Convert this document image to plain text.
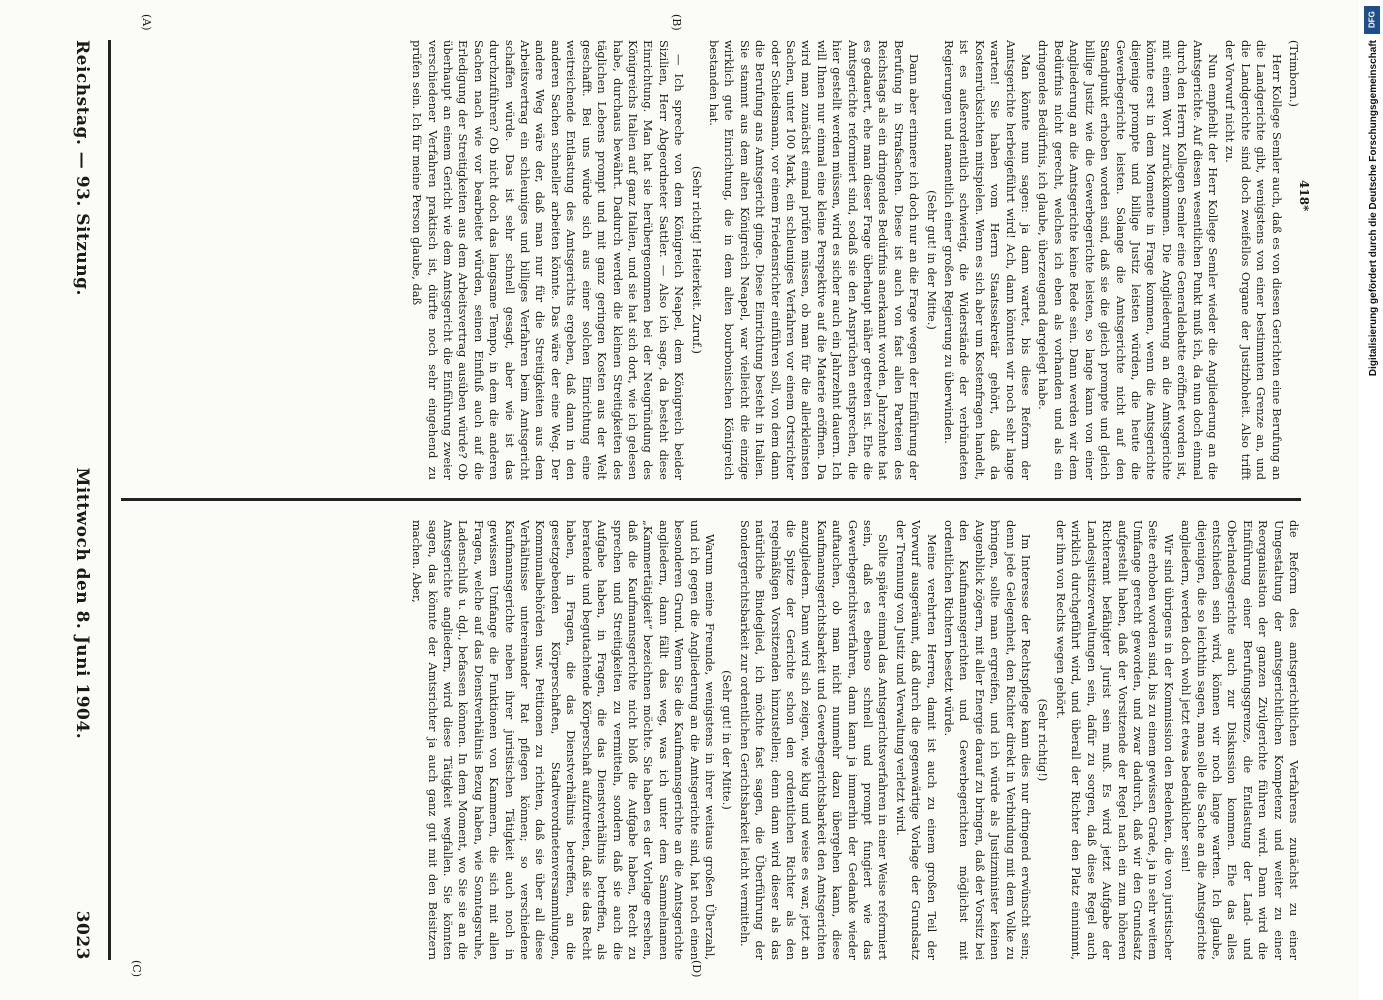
Reichstag. — 93. Sitzung.
Mittwoch den 8. Juni 1904.
3023
418*
(A)	(B)
(C)	(D)

(Trimborn.)

Herr Kollege Semler auch, daß es von diesen Gerichten eine Berufung an die Landgerichte gibt, wenigstens von einer bestimmten Grenze an, und die Landgerichte sind doch zweifellos Organe der Justizhoheit. Also trifft der Vorwurf nicht zu.

Nun empfiehlt der Herr Kollege Semler wieder die Angliederung an die Amtsgerichte. Auf diesen wesentlichen Punkt muß ich, da nun doch einmal durch den Herrn Kollegen Semler eine Generaldebatte eröffnet worden ist, mit einem Wort zurückkommen. Die Angliederung an die Amtsgerichte könnte erst in dem Momente in Frage kommen, wenn die Amtsgerichte diejenige prompte und billige Justiz leisten würden, die heute die Gewerbegerichte leisten. Solange die Amtsgerichte nicht auf den Standpunkt erhoben worden sind, daß sie die gleich prompte und gleich billige Justiz wie die Gewerbegerichte leisten, so lange kann von einer Angliederung an die Amtsgerichte keine Rede sein. Dann werden wir dem Bedürfnis nicht gerecht, welches ich eben als vorhanden und als ein dringendes Bedürfnis, ich glaube, überzeugend dargelegt habe.

Man könnte nun sagen: ja dann wartet, bis diese Reform der Amtsgerichte herbeigeführt wird! Ach, dann könnten wir noch sehr lange warten! Sie haben vom Herrn Staatssekretär gehört, daß da Kostenrücksichten mitspielen. Wenn es sich aber um Kostenfragen handelt, ist es außerordentlich schwierig, die Widerstände der verbündeten Regierungen und namentlich einer großen Regierung zu überwinden.

(Sehr gut! in der Mitte.)

Dann aber erinnere ich doch nur an die Frage wegen der Einführung der Berufung in Strafsachen. Diese ist auch von fast allen Parteien des Reichstags als ein dringendes Bedürfnis anerkannt worden. Jahrzehnte hat es gedauert, ehe man dieser Frage überhaupt näher getreten ist. Ehe die Amtsgerichte reformiert sind, sodaß sie den Ansprüchen entsprechen, die hier gestellt werden müssen, wird es sicher auch ein Jahrzehnt dauern. Ich will Ihnen nur einmal eine kleine Perspektive auf die Materie eröffnen. Da wird man zunächst einmal prüfen müssen, ob man für die allerkleinsten Sachen, unter 100 Mark, ein schleuniges Verfahren vor einem Ortsrichter oder Schiedsmann, vor einem Friedensrichter einführen soll, von dem dann die Berufung ans Amtsgericht ginge. Diese Einrichtung besteht in Italien. Sie stammt aus dem alten Königreich Neapel, war vielleicht die einzige wirklich gute Einrichtung, die in dem alten bourbonischen Königreich bestanden hat.

(Sehr richtig! Heiterkeit. Zuruf.)

— Ich spreche von dem Königreich Neapel, dem Königreich beider Sizilien, Herr Abgeordneter Sattler. — Also ich sage, da besteht diese Einrichtung. Man hat sie herübergenommen bei der Neugründung des Königreichs Italien auf ganz Italien, und sie hat sich dort, wie ich gelesen habe, durchaus bewährt. Dadurch werden die kleinen Streitigkeiten des täglichen Lebens prompt und mit ganz geringen Kosten aus der Welt geschafft. Bei uns würde sich aus einer solchen Einrichtung eine weitreichende Entlastung des Amtsgerichts ergeben, daß dann in den anderen Sachen schneller arbeiten könnte. Das wäre der eine Weg. Der andere Weg wäre der, daß man nur für die Streitigkeiten aus dem Arbeitsvertrag ein schleuniges und billiges Verfahren beim Amtsgericht schaffen würde. Das ist sehr schnell gesagt, aber wie ist das durchzuführen? Ob nicht doch das langsame Tempo, in dem die anderen Sachen nach wie vor bearbeitet würden, seinen Einfluß auch auf die Erledigung der Streitigkeiten aus dem Arbeitsvertrag ausüben würde? Ob überhaupt an einem Gericht wie dem Amtsgericht die Einführung zweier verschiedener Verfahren praktisch ist, dürfte noch sehr eingehend zu prüfen sein. Ich für meine Person glaube, daß

die Reform des amtsgerichtlichen Verfahrens zunächst zu einer Umgestaltung der amtsgerichtlichen Kompetenz und weiter zu einer Reorganisation der ganzen Zivilgerichte führen wird. Dann wird die Einführung einer Berufungsgrenze, die Entlastung der Land- und Oberlandesgerichte auch zur Diskussion kommen. Ehe das alles entschieden sein wird, können wir noch lange warten. Ich glaube, diejenigen, die so leichthin sagen, man solle die Sache an die Amtsgerichte angliedern, werden doch wohl jetzt etwas bedenklicher sein!

Wir sind übrigens in der Kommission den Bedenken, die von juristischer Seite erhoben worden sind, bis zu einem gewissen Grade, ja in sehr weitem Umfange gerecht geworden, und zwar dadurch, daß wir den Grundsatz aufgestellt haben, daß der Vorsitzende der Regel nach ein zum höheren Richteramt befähigter Jurist sein muß. Es wird jetzt Aufgabe der Landesjustizverwaltungen sein, dafür zu sorgen, daß diese Regel auch wirklich durchgeführt wird, und überall der Richter den Platz einnimmt, der ihm von Rechts wegen gehört.

(Sehr richtig!)

Im Interesse der Rechtspflege kann dies nur dringend erwünscht sein; denn jede Gelegenheit, den Richter direkt in Verbindung mit dem Volke zu bringen, sollte man ergreifen, und ich würde als Justizminister keinen Augenblick zögern, mit aller Energie darauf zu bringen, daß der Vorsitz bei den Kaufmannsgerichten und Gewerbegerichten möglichst mit ordentlichen Richtern besetzt würde.

Meine verehrten Herren, damit ist auch zu einem großen Teil der Vorwurf ausgeräumt, daß durch die gegenwärtige Vorlage der Grundsatz der Trennung von Justiz und Verwaltung verletzt wird.

Sollte später einmal das Amtsgerichtsverfahren in einer Weise reformiert sein, daß es ebenso schnell und prompt fungiert wie das Gewerbegerichtsverfahren, dann kann ja immerhin der Gedanke wieder auftauchen, ob man nicht nunmehr dazu übergehen kann, diese Kaufmannsgerichtsbarkeit und Gewerbegerichtsbarkeit den Amtsgerichten anzugliedern. Dann wird sich zeigen, wie klug und weise es war, jetzt an die Spitze der Gerichte schon den ordentlichen Richter als den regelmäßigen Vorsitzenden hinzustellen; denn dann wird dieser als das natürliche Bindeglied, ich möchte fast sagen, die Überführung der Sondergerichtsbarkeit zur ordentlichen Gerichtsbarkeit leicht vermitteln.

(Sehr gut! in der Mitte.)

Warum meine Freunde, wenigstens in ihrer weitaus großen Überzahl, und ich gegen die Angliederung an die Amtsgerichte sind, hat noch einen besonderen Grund. Wenn Sie die Kaufmannsgerichte an die Amtsgerichte angliedern, dann fällt das weg, was ich unter dem Sammelnamen „Kammertätigkeit“ bezeichnen möchte. Sie haben es der Vorlage ersehen, daß die Kaufmannsgerichte nicht bloß die Aufgabe haben, Recht zu sprechen und Streitigkeiten zu vermitteln, sondern daß sie auch die Aufgabe haben, in Fragen, die das Dienstverhältnis betreffen, als beratende und begutachtende Körperschaft aufzutreten, daß sie das Recht haben, in Fragen, die das Dienstverhältnis betreffen, an die gesetzgebenden Körperschaften, Stadtverordnetenversammlungen, Kommunalbehörden usw. Petitionen zu richten, daß sie über all diese Verhältnisse untereinander Rat pflegen können; so verschiedene Kaufmannsgerichte neben ihrer juristischen Tätigkeit auch noch in gewissem Umfange die Funktionen von Kammern, die sich mit allen Fragen, welche auf das Dienstverhältnis Bezug haben, wie Sonntagsruhe, Ladenschluß u. dgl., befassen können. In dem Moment, wo Sie sie an die Amtsgerichte angliedern, wird diese Tätigkeit wegfallen. Sie könnten sagen, das könnte der Amtsrichter ja auch ganz gut mit den Beisitzern machen. Aber,

DFG
Digitalisierung gefördert durch die Deutsche Forschungsgemeinschaft
